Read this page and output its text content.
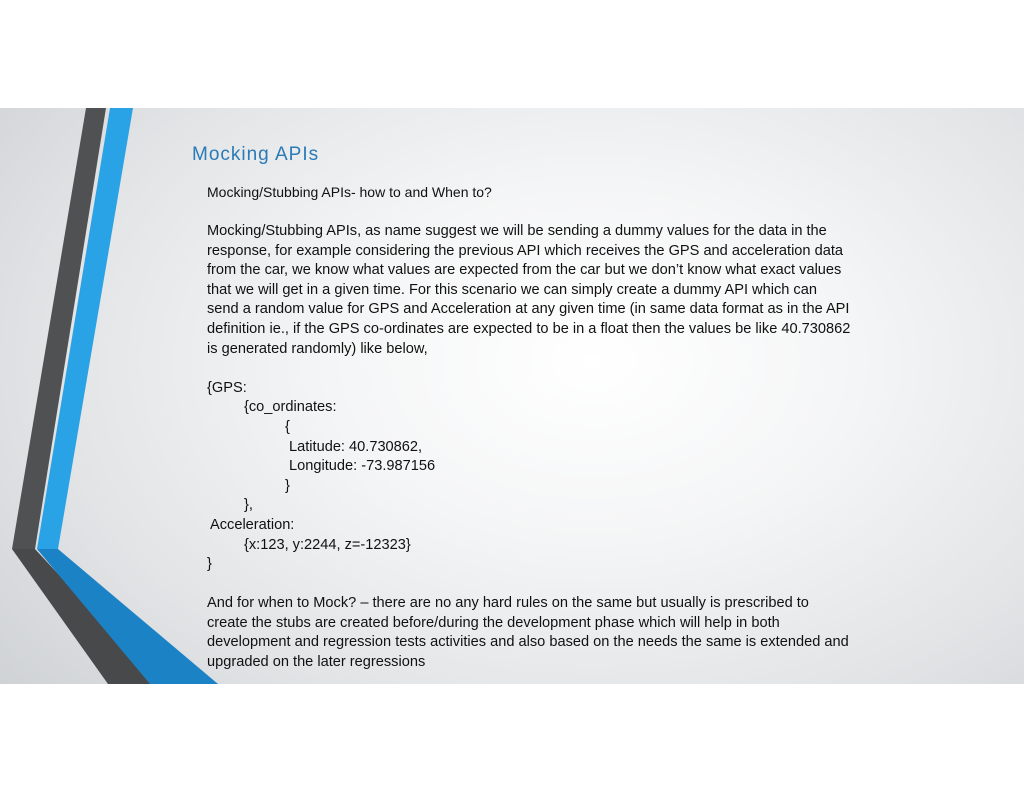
Mocking APIs
Mocking/Stubbing APIs- how to and When to?
Mocking/Stubbing APIs, as name suggest we will be sending a dummy values for the data in the
response, for example considering the previous API which receives the GPS and acceleration data
from the car, we know what values are expected from the car but we don’t know what exact values
that we will get in a given time. For this scenario we can simply create a dummy API which can
send a random value for GPS and Acceleration at any given time (in same data format as in the API
definition ie., if the GPS co-ordinates are expected to be in a float then the values be like 40.730862
is generated randomly) like below,
{GPS:
{co_ordinates:
{
Latitude: 40.730862,
Longitude: -73.987156
}
},
Acceleration:
{x:123, y:2244, z=-12323}
}
And for when to Mock? – there are no any hard rules on the same but usually is prescribed to
create the stubs are created before/during the development phase which will help in both
development and regression tests activities and also based on the needs the same is extended and
upgraded on the later regressions
